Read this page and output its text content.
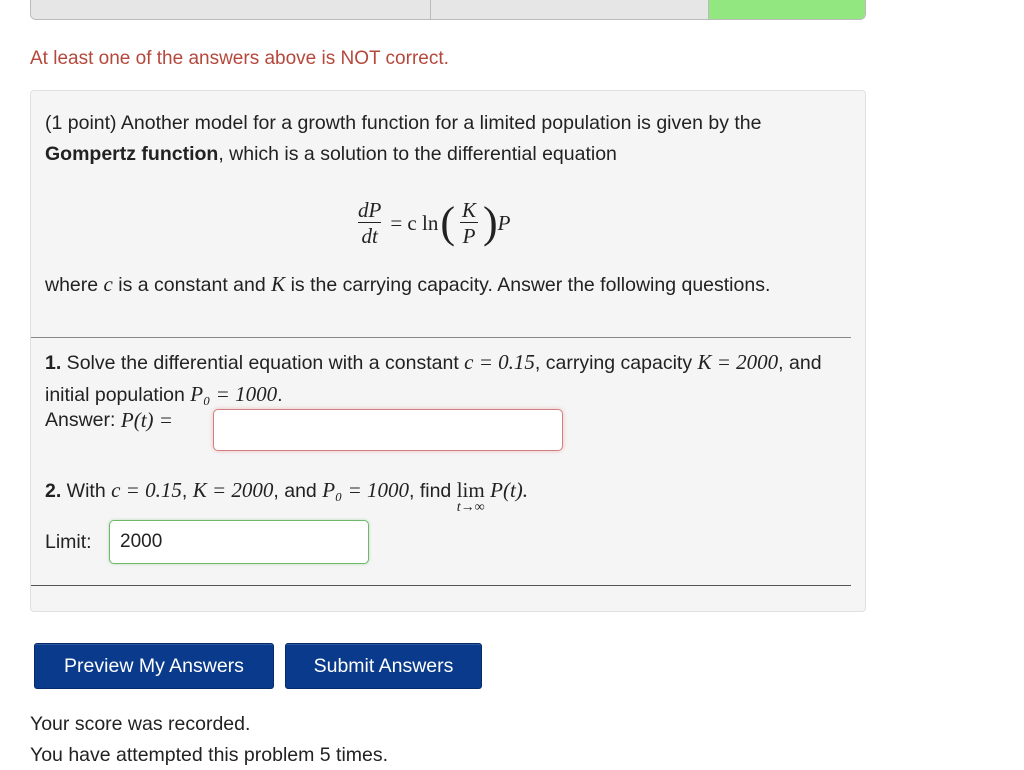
At least one of the answers above is NOT correct.
(1 point) Another model for a growth function for a limited population is given by the Gompertz function, which is a solution to the differential equation
$\frac{dP}{dt} = c$ ln ( $\frac{K}{P}$ ) P
where c is a constant and K is the carrying capacity. Answer the following questions.
1. Solve the differential equation with a constant c = 0.15, carrying capacity K = 2000, and initial population P₀ = 1000.
Answer:
P(t) =
2. With c = 0.15, K = 2000, and P₀ = 1000, find lim
t→∞
P(t).
Limit:
2000
Preview My Answers	Submit Answers
Your score was recorded.
You have attempted this problem 5 times.
